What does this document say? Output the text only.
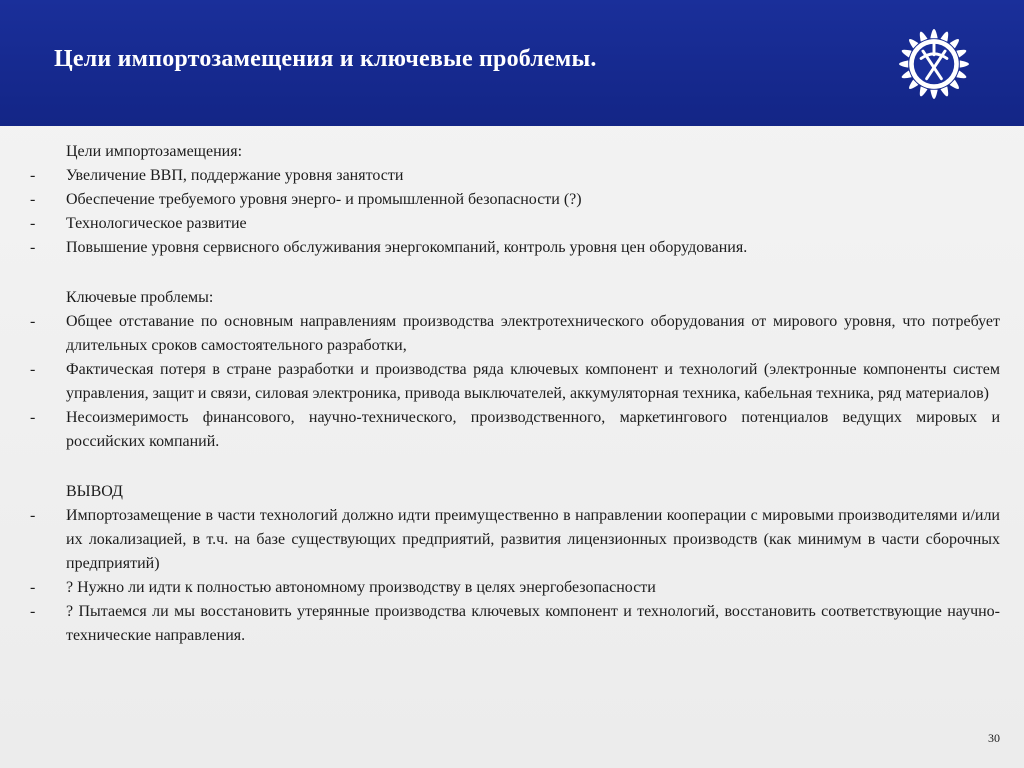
Цели импортозамещения и ключевые проблемы.
Цели импортозамещения:
- Увеличение ВВП, поддержание уровня занятости
- Обеспечение требуемого уровня энерго- и промышленной безопасности (?)
- Технологическое развитие
- Повышение уровня сервисного обслуживания энергокомпаний, контроль уровня цен оборудования.
Ключевые проблемы:
- Общее отставание по основным направлениям производства электротехнического оборудования от мирового уровня, что потребует длительных сроков самостоятельного разработки,
- Фактическая потеря в стране разработки и производства ряда ключевых компонент и технологий (электронные компоненты систем управления, защит и связи, силовая электроника, привода выключателей, аккумуляторная техника, кабельная техника, ряд материалов)
- Несоизмеримость финансового, научно-технического, производственного, маркетингового потенциалов ведущих мировых и российских компаний.
ВЫВОД
- Импортозамещение в части технологий должно идти преимущественно в направлении кооперации с мировыми производителями и/или их локализацией, в т.ч. на базе существующих предприятий, развития лицензионных производств (как минимум в части сборочных предприятий)
- ? Нужно ли идти к полностью автономному производству в целях энергобезопасности
- ? Пытаемся ли мы восстановить утерянные производства ключевых компонент и технологий, восстановить соответствующие научно-технические направления.
30
